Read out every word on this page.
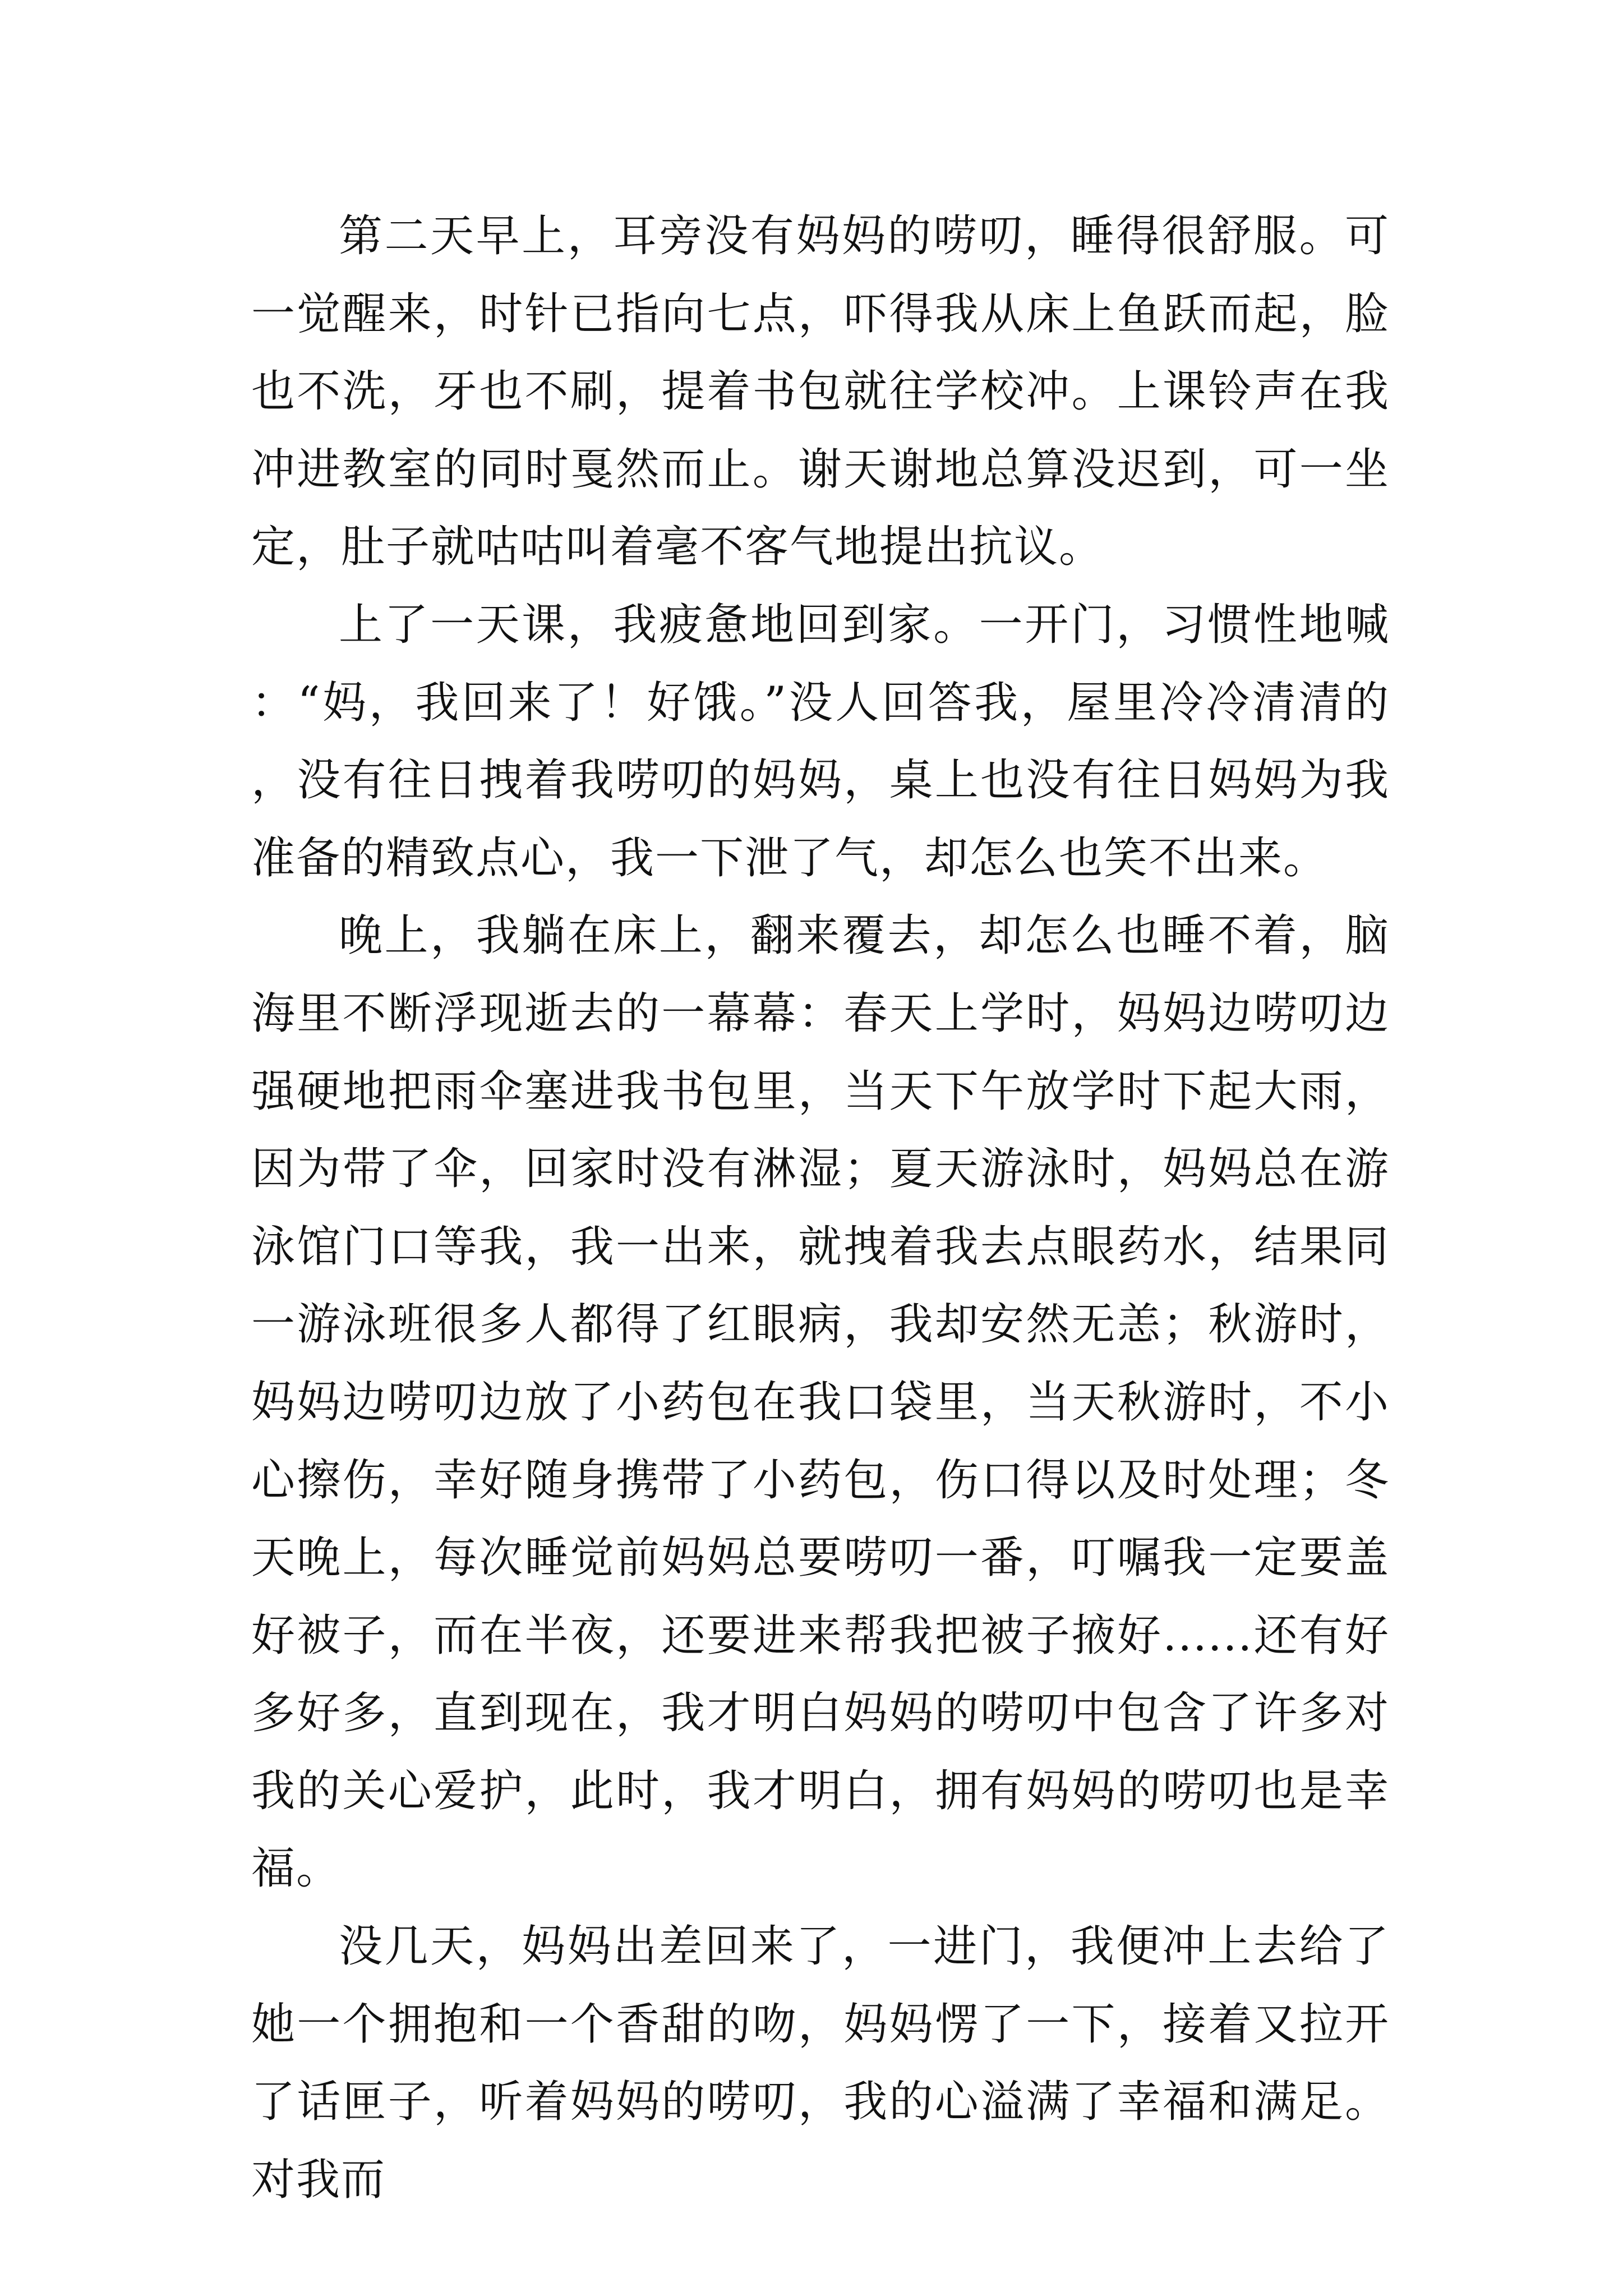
第二天早上，耳旁没有妈妈的唠叨，睡得很舒服。可一觉醒来，时针已指向七点，吓得我从床上鱼跃而起，脸也不洗，牙也不刷，提着书包就往学校冲。上课铃声在我冲进教室的同时戛然而止。谢天谢地总算没迟到，可一坐定，肚子就咕咕叫着毫不客气地提出抗议。

上了一天课，我疲惫地回到家。一开门，习惯性地喊：“妈，我回来了！好饿。”没人回答我，屋里冷冷清清的，没有往日拽着我唠叨的妈妈，桌上也没有往日妈妈为我准备的精致点心，我一下泄了气，却怎么也笑不出来。

晚上，我躺在床上，翻来覆去，却怎么也睡不着，脑海里不断浮现逝去的一幕幕：春天上学时，妈妈边唠叨边强硬地把雨伞塞进我书包里，当天下午放学时下起大雨，因为带了伞，回家时没有淋湿；夏天游泳时，妈妈总在游泳馆门口等我，我一出来，就拽着我去点眼药水，结果同一游泳班很多人都得了红眼病，我却安然无恙；秋游时，妈妈边唠叨边放了小药包在我口袋里，当天秋游时，不小心擦伤，幸好随身携带了小药包，伤口得以及时处理；冬天晚上，每次睡觉前妈妈总要唠叨一番，叮嘱我一定要盖好被子，而在半夜，还要进来帮我把被子掖好......还有好多好多，直到现在，我才明白妈妈的唠叨中包含了许多对我的关心爱护，此时，我才明白，拥有妈妈的唠叨也是幸福。

没几天，妈妈出差回来了，一进门，我便冲上去给了她一个拥抱和一个香甜的吻，妈妈愣了一下，接着又拉开了话匣子，听着妈妈的唠叨，我的心溢满了幸福和满足。对我而
